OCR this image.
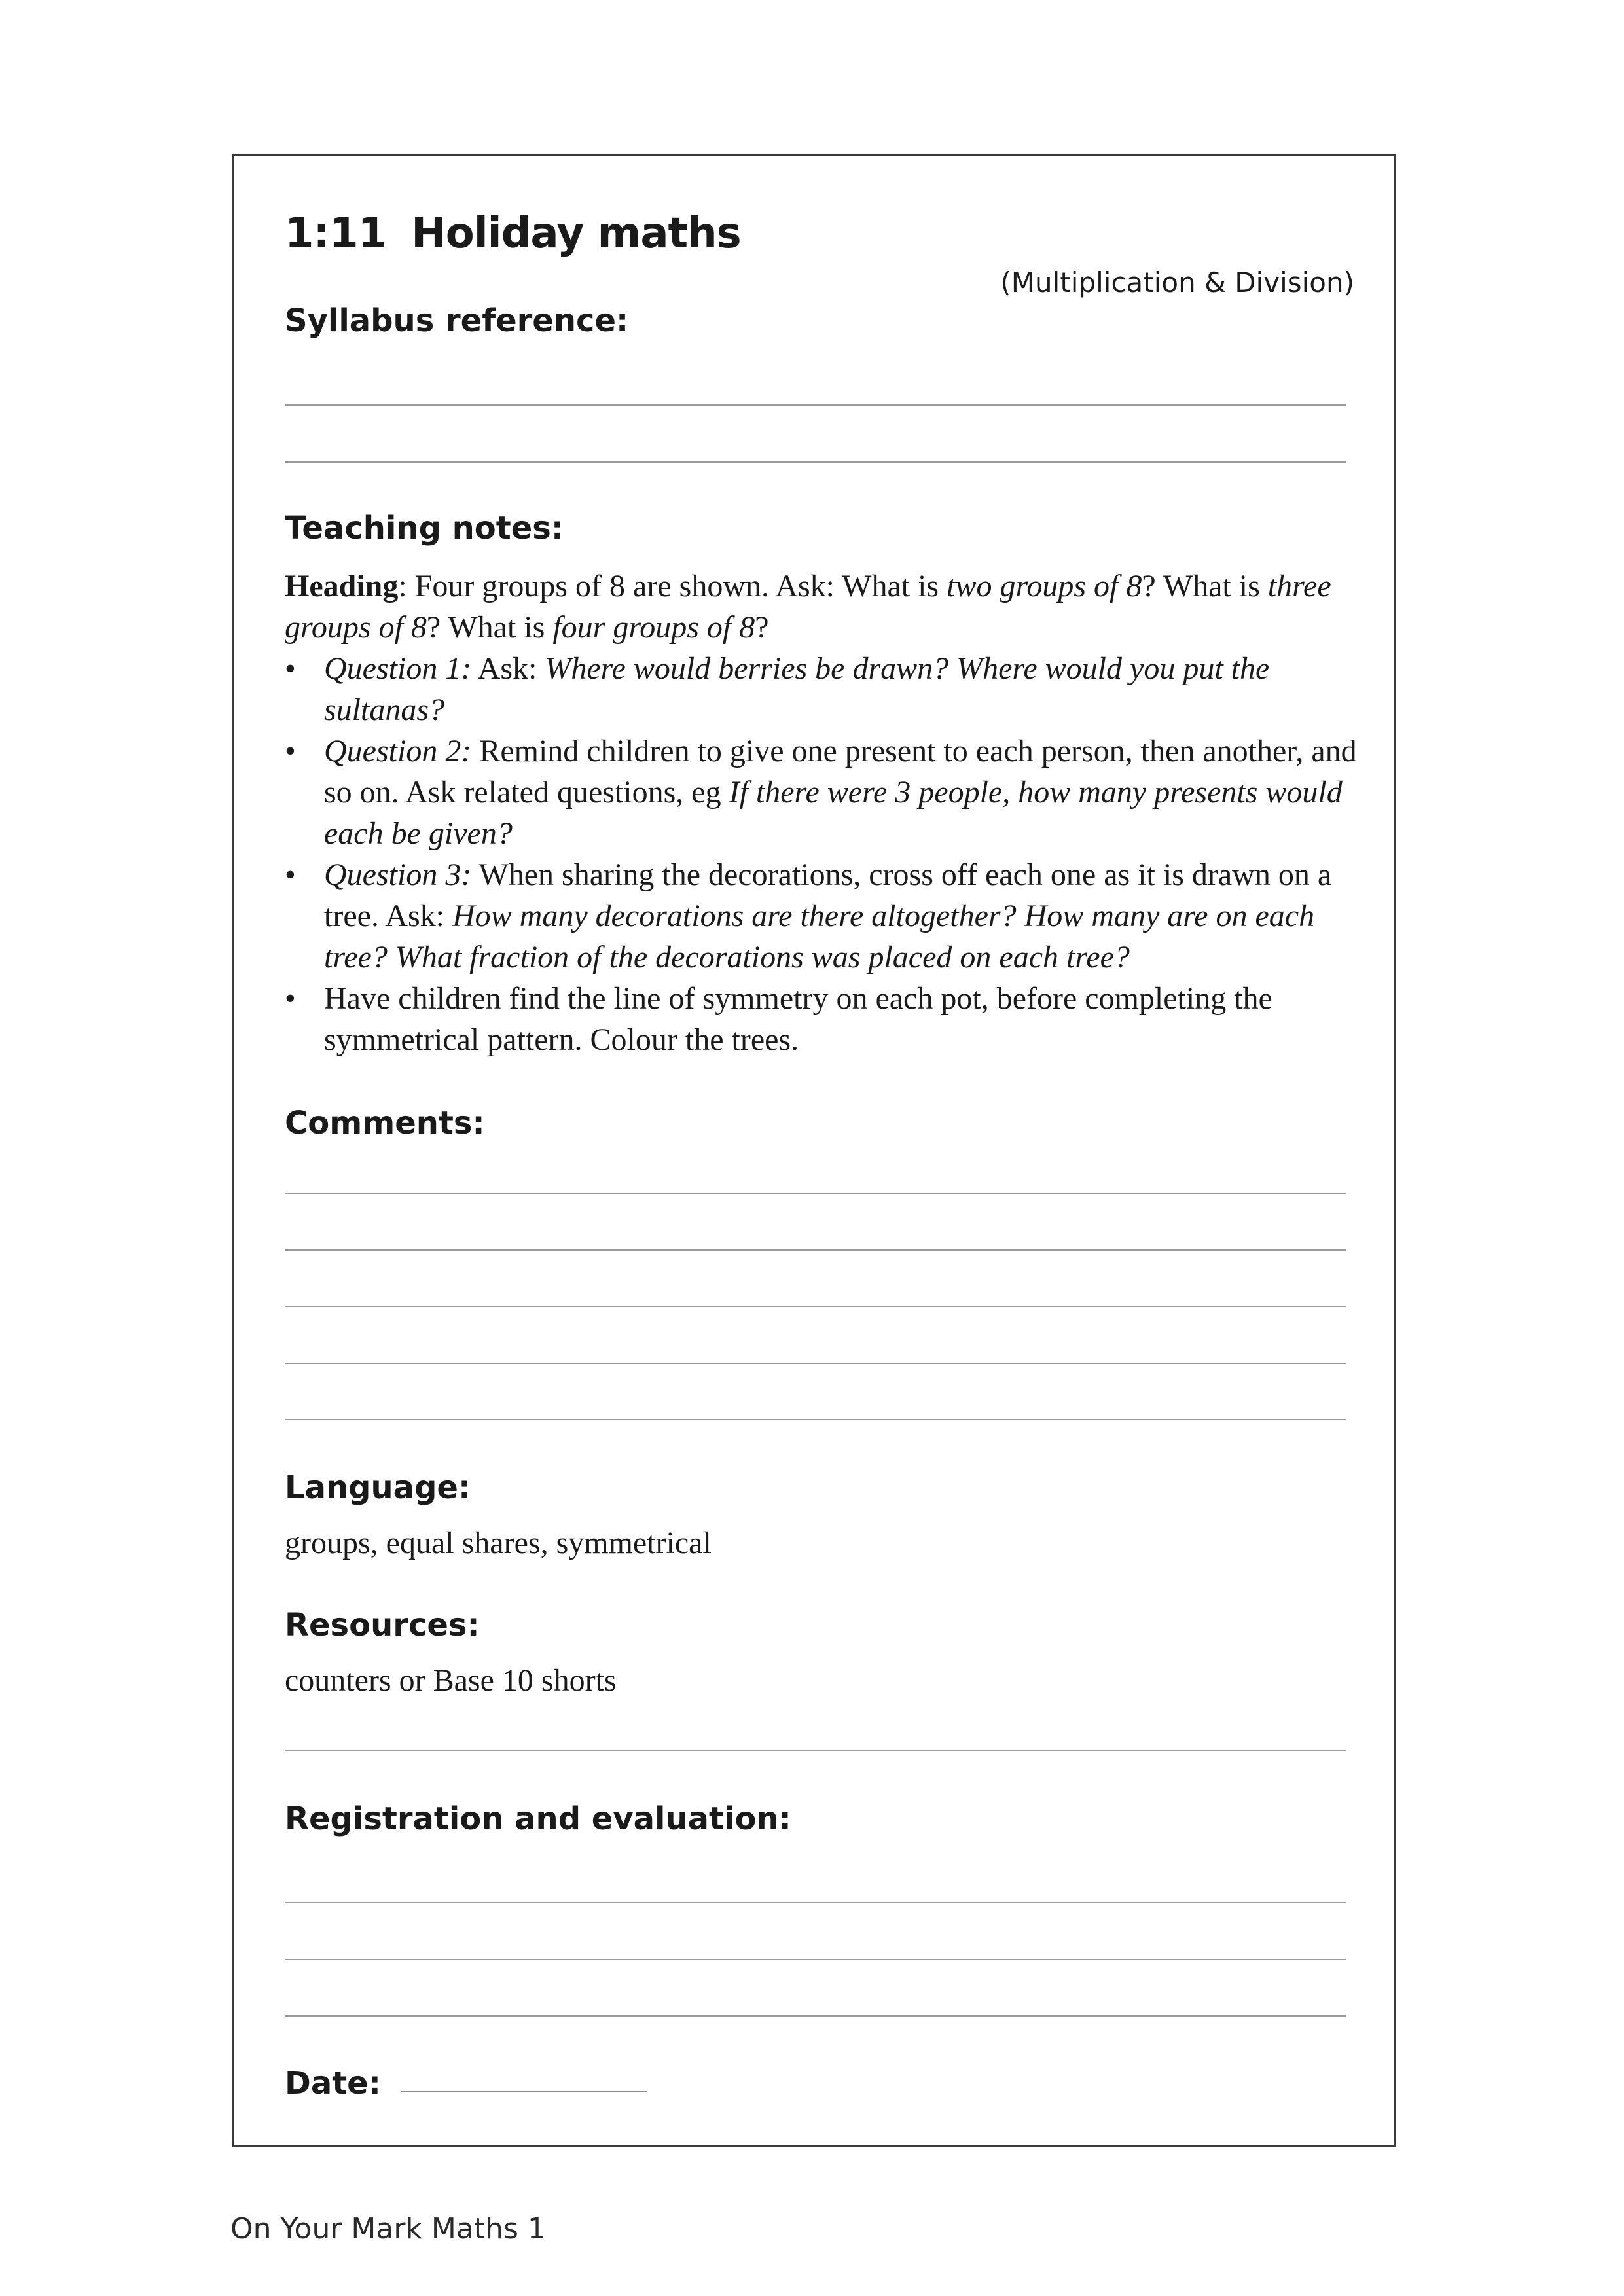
1:11 Holiday maths
(Multiplication & Division)
Syllabus reference:
Teaching notes:

Heading: Four groups of 8 are shown. Ask: What is two groups of 8? What is three groups of 8? What is four groups of 8?

• Question 1: Ask: Where would berries be drawn? Where would you put the sultanas?
• Question 2: Remind children to give one present to each person, then another, and so on. Ask related questions, eg If there were 3 people, how many presents would each be given?
• Question 3: When sharing the decorations, cross off each one as it is drawn on a tree. Ask: How many decorations are there altogether? How many are on each tree? What fraction of the decorations was placed on each tree?
• Have children find the line of symmetry on each pot, before completing the symmetrical pattern. Colour the trees.
Comments:
Language:
groups, equal shares, symmetrical
Resources:
counters or Base 10 shorts
Registration and evaluation:
Date:
On Your Mark Maths 1
